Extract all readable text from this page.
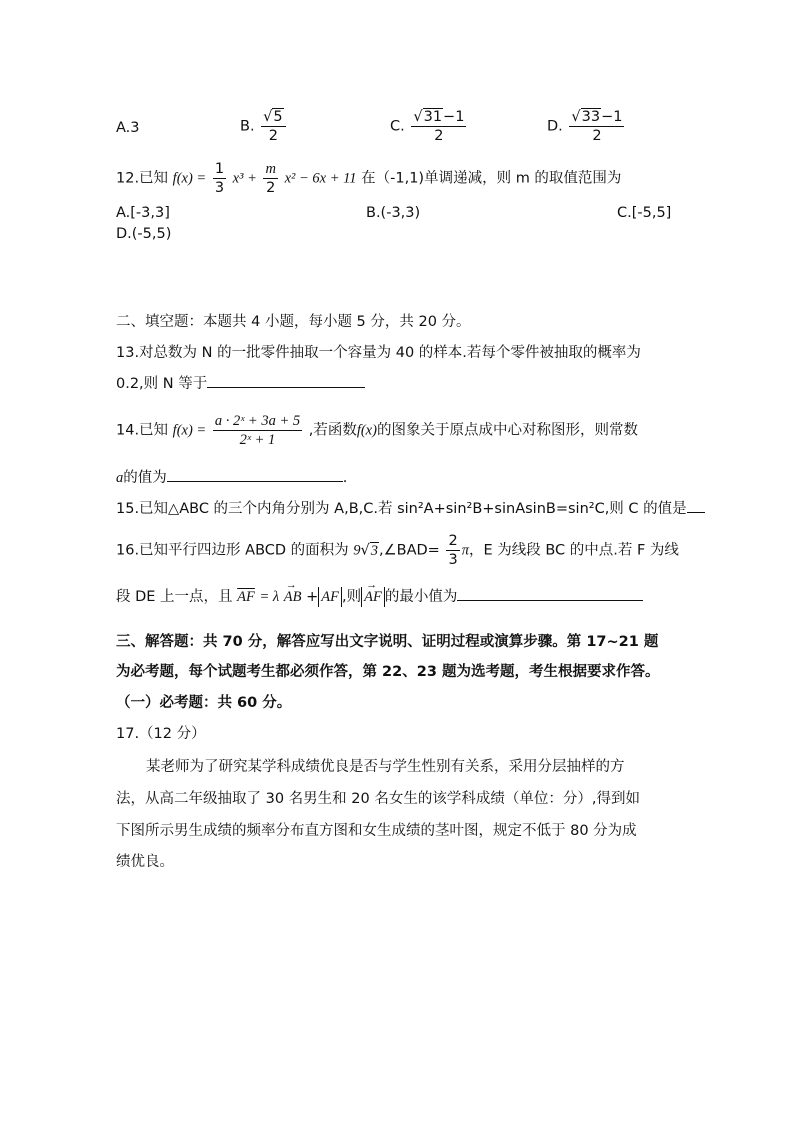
A.3	B. $\frac{√5}{2}$	C. $\frac{√31-1}{2}$	D. $\frac{√33-1}{2}$
12.已知 $f(x) = \frac{1}{3} x^3 + \frac{m}{2} x^2 - 6x + 11$ 在（-1,1)单调递减，则 m 的取值范围为
A.[-3,3]	B.(-3,3)	C.[-5,5]
D.(-5,5)
二、填空题：本题共 4 小题，每小题 5 分，共 20 分。
13.对总数为 N 的一批零件抽取一个容量为 40 的样本.若每个零件被抽取的概率为
0.2,则 N 等于
14.已知 $f(x) = \frac{\text{a · 2ˣ + 3a + 5}}{\text{2ˣ + 1}}$ ,若函数f(x)的图象关于原点成中心对称图形，则常数
a的值为	.
15.已知△ABC 的三个内角分别为 A,B,C.若 sin²A+sin²B+sinAsinB=sin²C,则 C 的值是
16.已知平行四边形 ABCD 的面积为 9√3,∠BAD= $\frac{2}{3}$ π，E 为线段 BC 的中点.若 F 为线
段 DE 上一点，且 $\overline{AF} = \lambda$ → AB + AF ,则 → AF 的最小值为
三、解答题：共 70 分，解答应写出文字说明、证明过程或演算步骤。第 17~21 题
为必考题，每个试题考生都必须作答，第 22、23 题为选考题，考生根据要求作答。
（一）必考题：共 60 分。
17.（12 分）
某老师为了研究某学科成绩优良是否与学生性别有关系，采用分层抽样的方
法，从高二年级抽取了 30 名男生和 20 名女生的该学科成绩（单位：分）,得到如
下图所示男生成绩的频率分布直方图和女生成绩的茎叶图，规定不低于 80 分为成
绩优良。
